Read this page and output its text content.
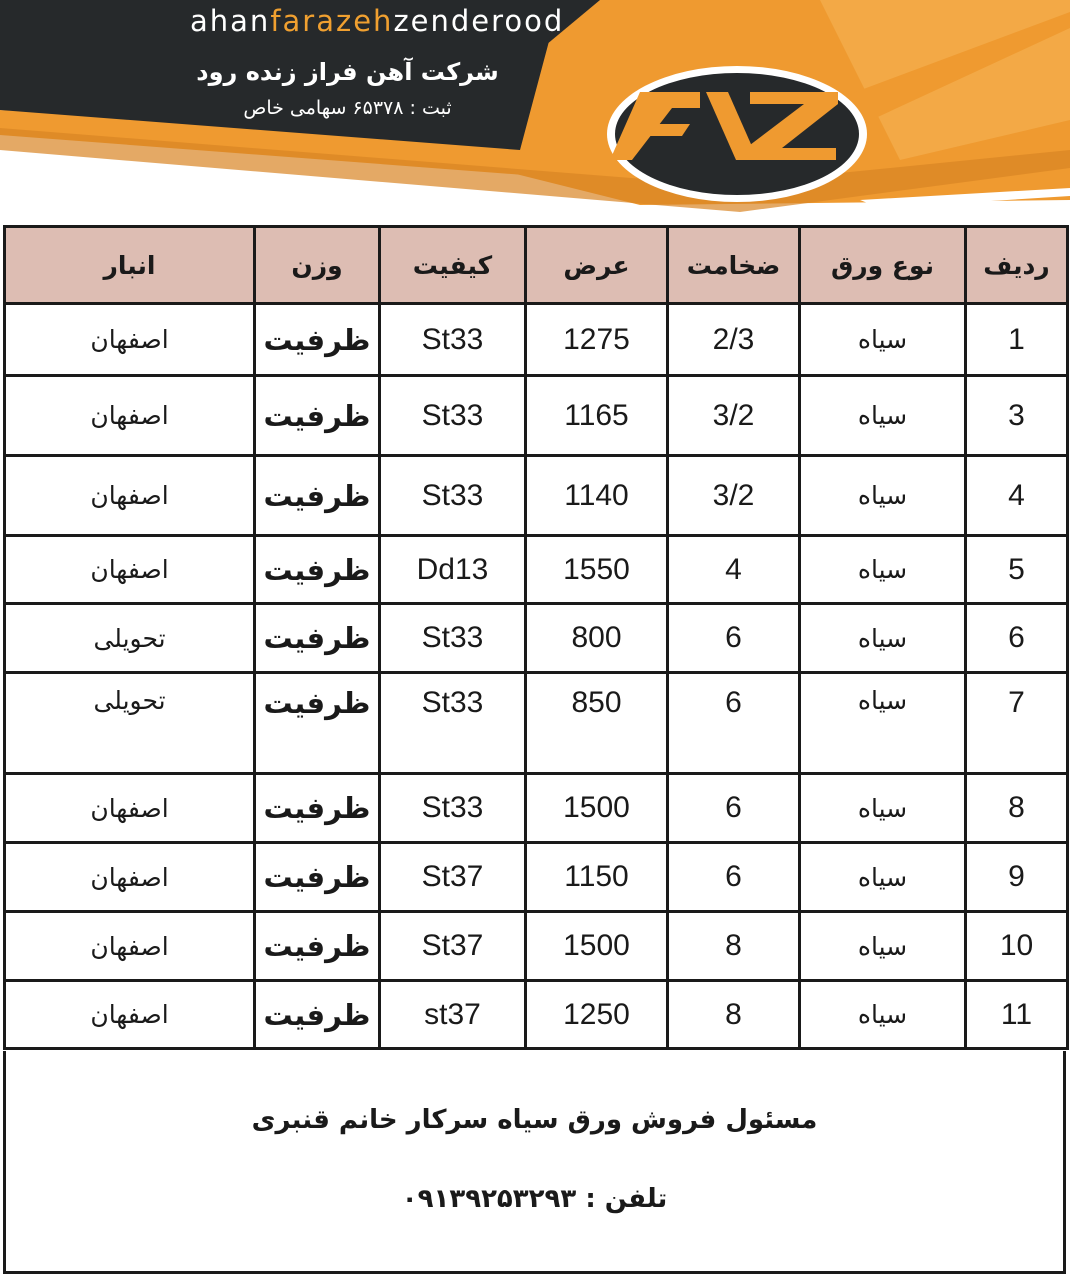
ahanfarazehzenderood
شرکت آهن فراز زنده رود
ثبت : ۶۵۳۷۸ سهامی خاص
انبار	وزن	کیفیت	عرض	ضخامت	نوع ورق	ردیف
اصفهان	ظرفیت	St33	1275	2/3	سیاه	1
اصفهان	ظرفیت	St33	1165	3/2	سیاه	3
اصفهان	ظرفیت	St33	1140	3/2	سیاه	4
اصفهان	ظرفیت	Dd13	1550	4	سیاه	5
تحویلی	ظرفیت	St33	800	6	سیاه	6
تحویلی	ظرفیت	St33	850	6	سیاه	7
اصفهان	ظرفیت	St33	1500	6	سیاه	8
اصفهان	ظرفیت	St37	1150	6	سیاه	9
اصفهان	ظرفیت	St37	1500	8	سیاه	10
اصفهان	ظرفیت	st37	1250	8	سیاه	11
مسئول فروش ورق سیاه سرکار خانم قنبری
تلفن : ۰۹۱۳۹۲۵۳۲۹۳
